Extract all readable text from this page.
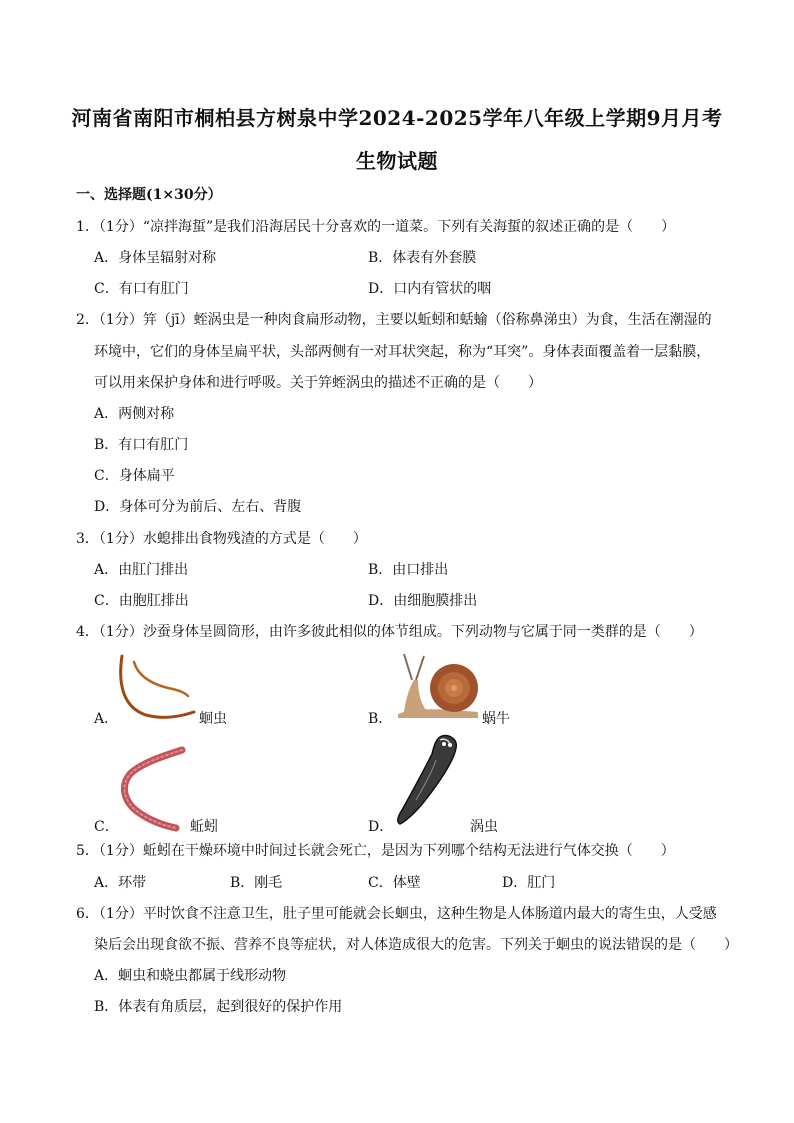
河南省南阳市桐柏县方树泉中学2024-2025学年八年级上学期9月月考
生物试题
一、选择题(1×30分）
1．（1分）“凉拌海蜇”是我们沿海居民十分喜欢的一道菜。下列有关海蜇的叙述正确的是（　　）
A．身体呈辐射对称	B．体表有外套膜
C．有口有肛门	D．口内有管状的咽
2．（1分）笄（jī）蛭涡虫是一种肉食扁形动物，主要以蚯蚓和蛞蝓（俗称鼻涕虫）为食，生活在潮湿的
环境中，它们的身体呈扁平状，头部两侧有一对耳状突起，称为“耳突”。身体表面覆盖着一层黏膜，
可以用来保护身体和进行呼吸。关于笄蛭涡虫的描述不正确的是（　　）
A．两侧对称
B．有口有肛门
C．身体扁平
D．身体可分为前后、左右、背腹
3．（1分）水螅排出食物残渣的方式是（　　）
A．由肛门排出	B．由口排出
C．由胞肛排出	D．由细胞膜排出
4．（1分）沙蚕身体呈圆筒形，由许多彼此相似的体节组成。下列动物与它属于同一类群的是（　　）
A．	蛔虫	B．	蜗牛
C．	蚯蚓	D．	涡虫
5．（1分）蚯蚓在干燥环境中时间过长就会死亡，是因为下列哪个结构无法进行气体交换（　　）
A．环带	B．刚毛	C．体壁	D．肛门
6．（1分）平时饮食不注意卫生，肚子里可能就会长蛔虫，这种生物是人体肠道内最大的寄生虫，人受感
染后会出现食欲不振、营养不良等症状，对人体造成很大的危害。下列关于蛔虫的说法错误的是（　　）
A．蛔虫和蛲虫都属于线形动物
B．体表有角质层，起到很好的保护作用
